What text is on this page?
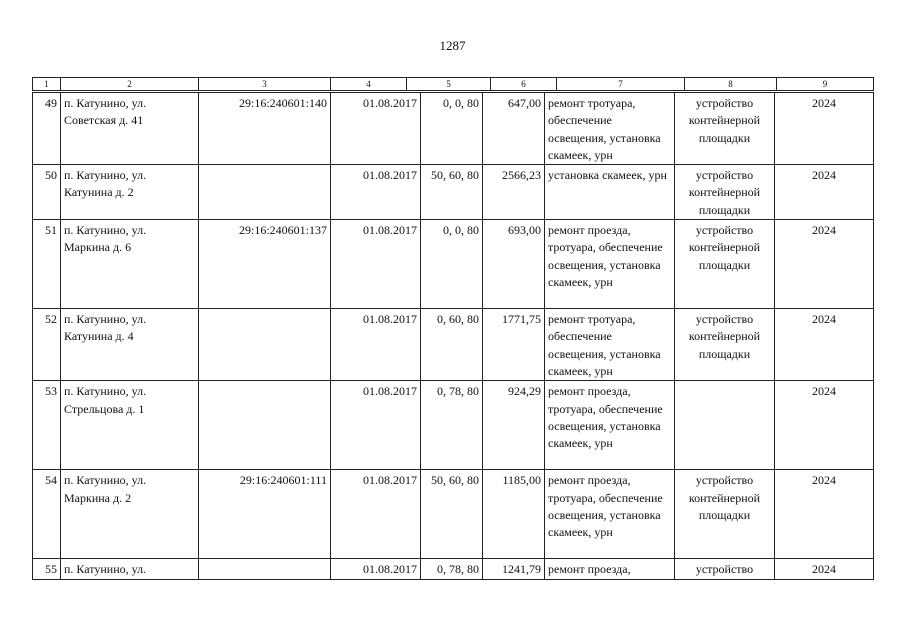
1287
1	2	3	4	5	6	7	8	9
49	п. Катунино, ул. Советская д. 41	29:16:240601:140	01.08.2017	0, 0, 80	647,00	ремонт тротуара, обеспечение освещения, установка скамеек, урн	устройство контейнерной площадки	2024
50	п. Катунино, ул. Катунина д. 2		01.08.2017	50, 60, 80	2566,23	установка скамеек, урн	устройство контейнерной площадки	2024
51	п. Катунино, ул. Маркина д. 6	29:16:240601:137	01.08.2017	0, 0, 80	693,00	ремонт проезда, тротуара, обеспечение освещения, установка скамеек, урн	устройство контейнерной площадки	2024
52	п. Катунино, ул. Катунина д. 4		01.08.2017	0, 60, 80	1771,75	ремонт тротуара, обеспечение освещения, установка скамеек, урн	устройство контейнерной площадки	2024
53	п. Катунино, ул. Стрельцова д. 1		01.08.2017	0, 78, 80	924,29	ремонт проезда, тротуара, обеспечение освещения, установка скамеек, урн		2024
54	п. Катунино, ул. Маркина д. 2	29:16:240601:111	01.08.2017	50, 60, 80	1185,00	ремонт проезда, тротуара, обеспечение освещения, установка скамеек, урн	устройство контейнерной площадки	2024
55	п. Катунино, ул.		01.08.2017	0, 78, 80	1241,79	ремонт проезда,	устройство	2024
